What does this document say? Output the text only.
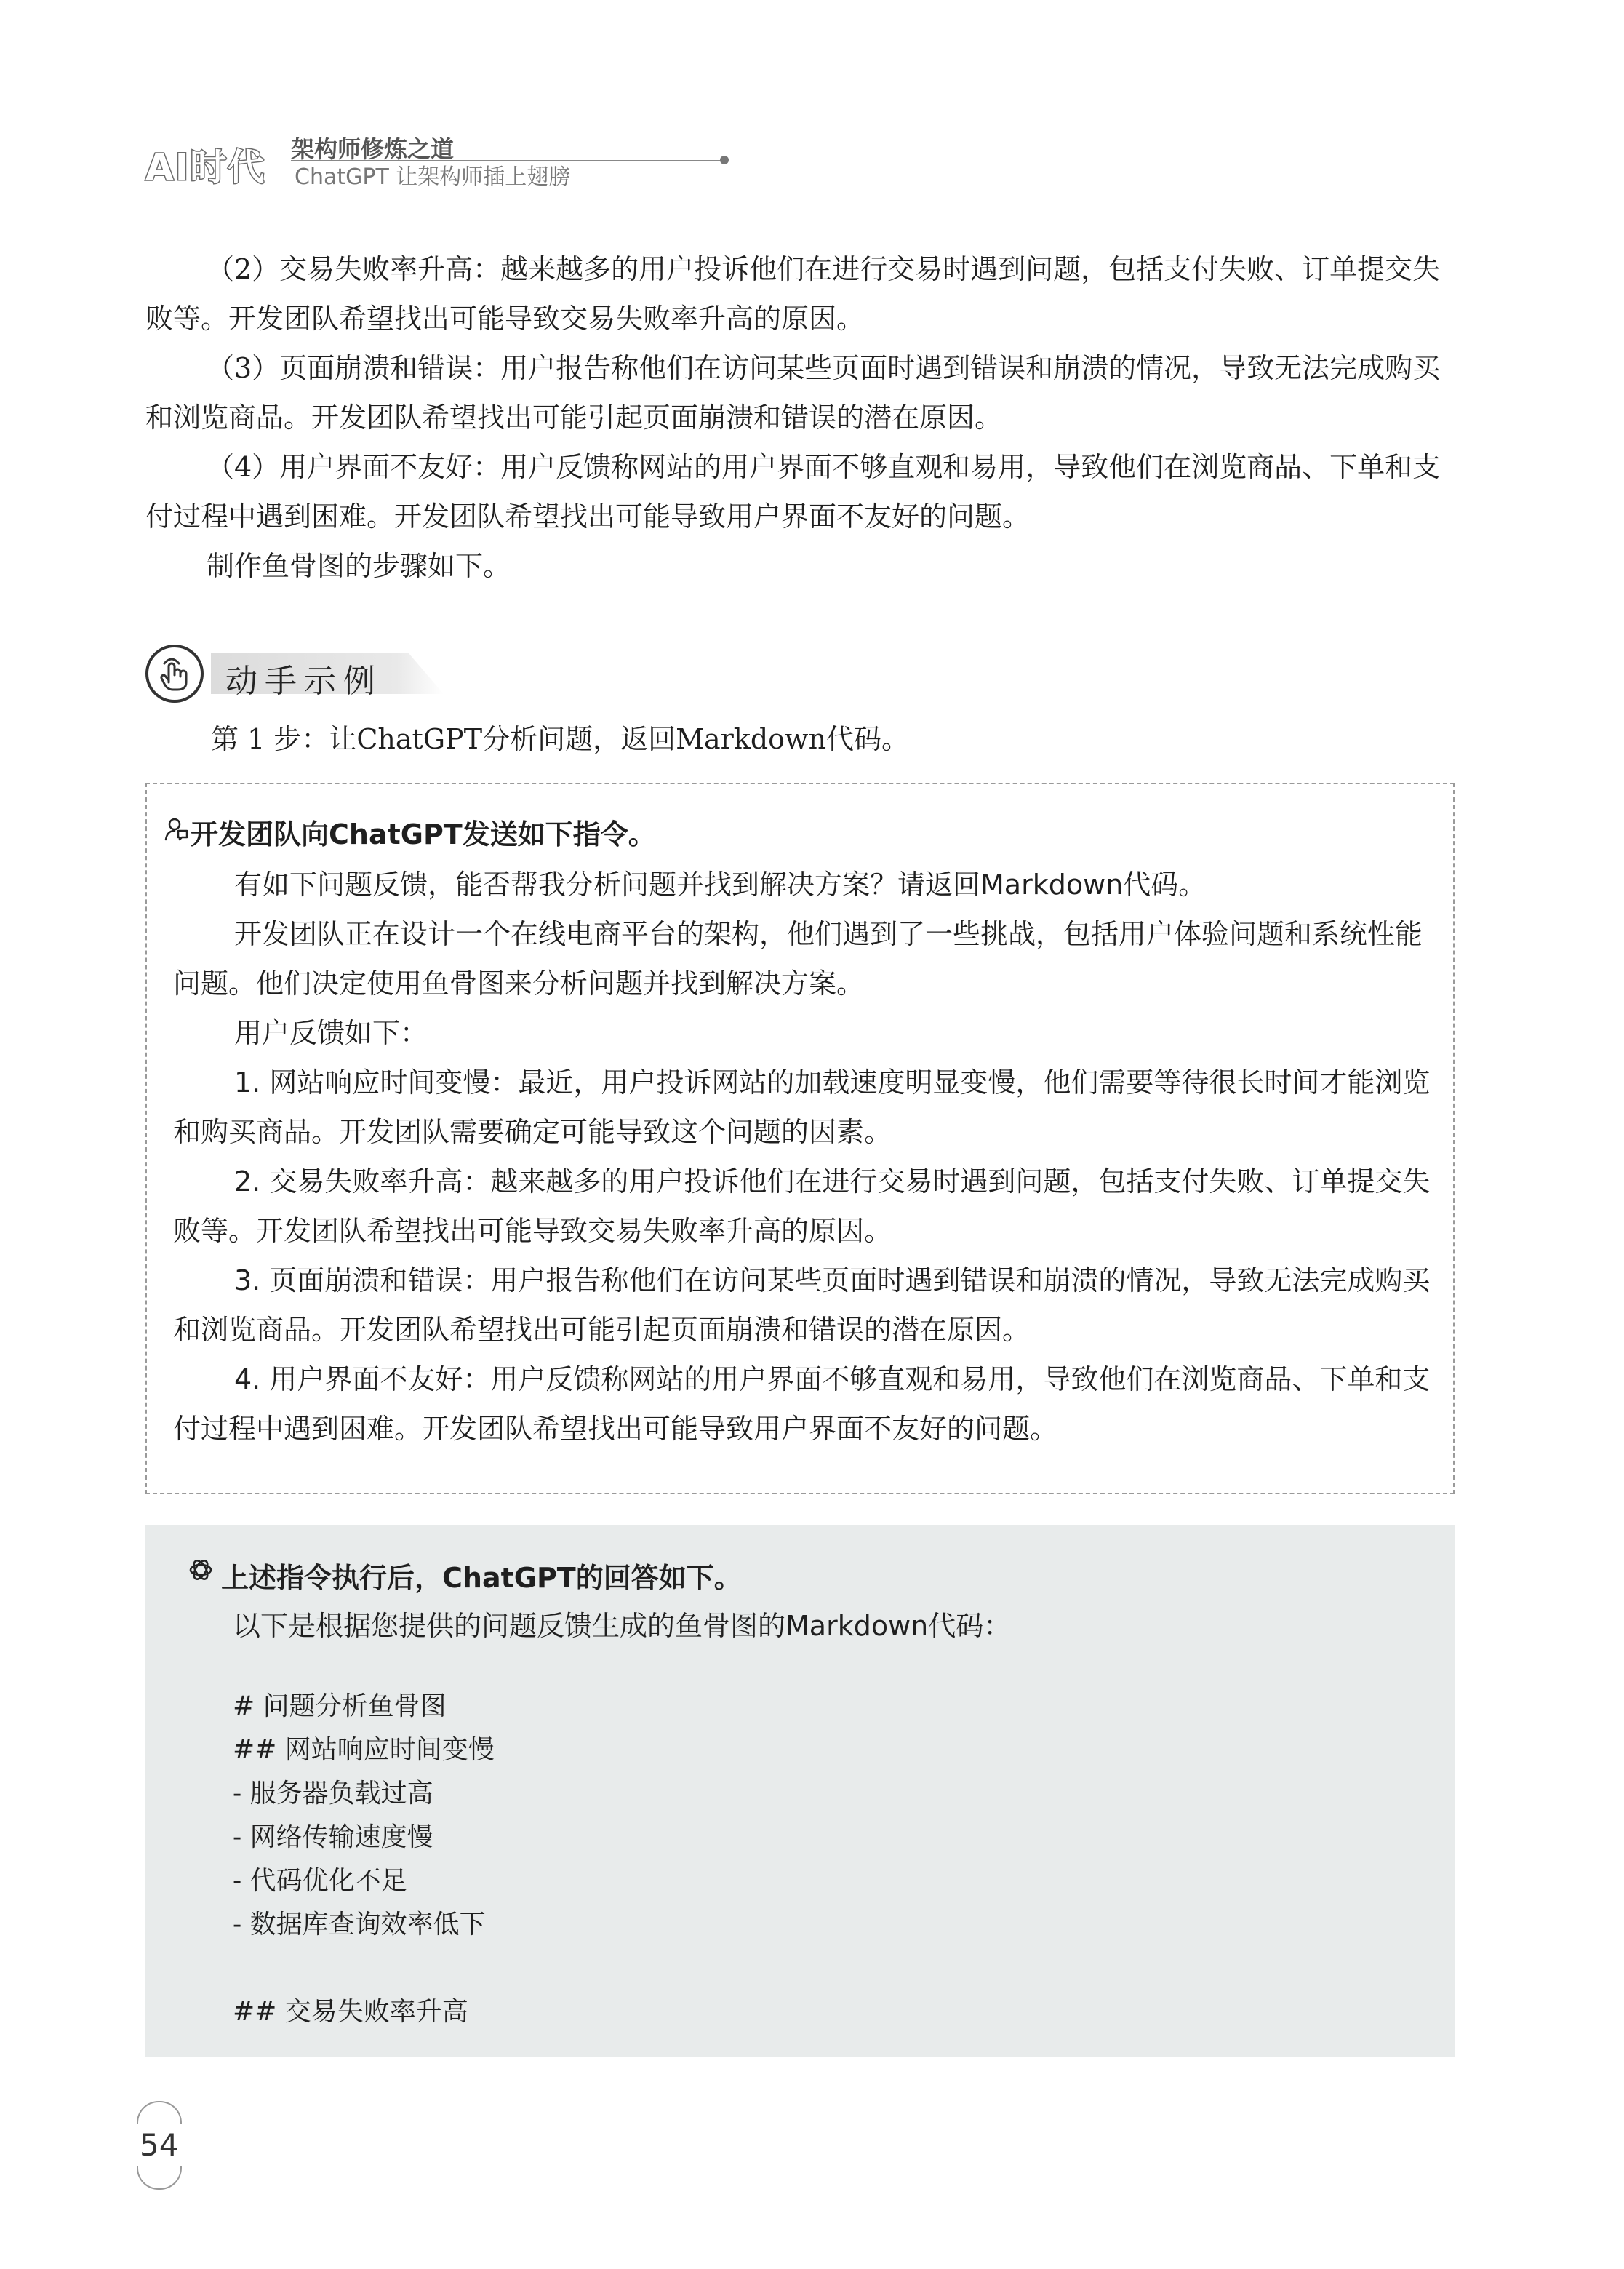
AI时代 架构师修炼之道
ChatGPT 让架构师插上翅膀

（2）交易失败率升高：越来越多的用户投诉他们在进行交易时遇到问题，包括支付失败、订单提交失败等。开发团队希望找出可能导致交易失败率升高的原因。

（3）页面崩溃和错误：用户报告称他们在访问某些页面时遇到错误和崩溃的情况，导致无法完成购买和浏览商品。开发团队希望找出可能引起页面崩溃和错误的潜在原因。

（4）用户界面不友好：用户反馈称网站的用户界面不够直观和易用，导致他们在浏览商品、下单和支付过程中遇到困难。开发团队希望找出可能导致用户界面不友好的问题。

制作鱼骨图的步骤如下。

动手示例
第 1 步：让ChatGPT分析问题，返回Markdown代码。
开发团队向ChatGPT发送如下指令。

有如下问题反馈，能否帮我分析问题并找到解决方案？请返回Markdown代码。

开发团队正在设计一个在线电商平台的架构，他们遇到了一些挑战，包括用户体验问题和系统性能问题。他们决定使用鱼骨图来分析问题并找到解决方案。

用户反馈如下：

1. 网站响应时间变慢：最近，用户投诉网站的加载速度明显变慢，他们需要等待很长时间才能浏览和购买商品。开发团队需要确定可能导致这个问题的因素。

2. 交易失败率升高：越来越多的用户投诉他们在进行交易时遇到问题，包括支付失败、订单提交失败等。开发团队希望找出可能导致交易失败率升高的原因。

3. 页面崩溃和错误：用户报告称他们在访问某些页面时遇到错误和崩溃的情况，导致无法完成购买和浏览商品。开发团队希望找出可能引起页面崩溃和错误的潜在原因。

4. 用户界面不友好：用户反馈称网站的用户界面不够直观和易用，导致他们在浏览商品、下单和支付过程中遇到困难。开发团队希望找出可能导致用户界面不友好的问题。

上述指令执行后，ChatGPT的回答如下。
以下是根据您提供的问题反馈生成的鱼骨图的Markdown代码：
# 问题分析鱼骨图
## 网站响应时间变慢
- 服务器负载过高
- 网络传输速度慢
- 代码优化不足
- 数据库查询效率低下
## 交易失败率升高
54
